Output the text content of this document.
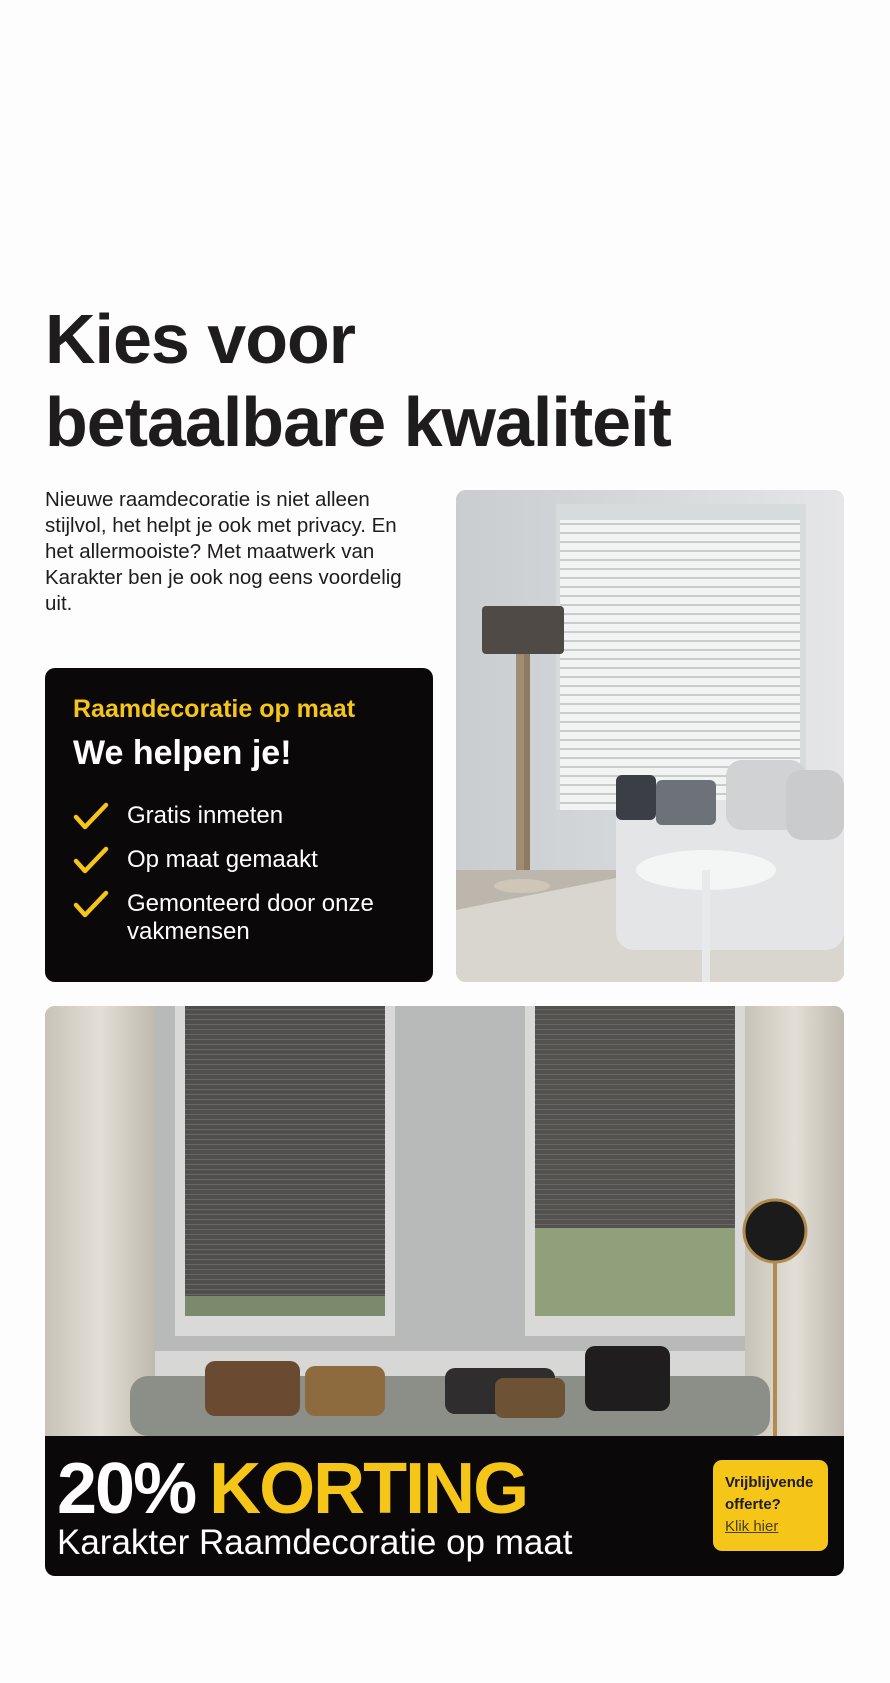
Kies voor
betaalbare kwaliteit

Nieuwe raamdecoratie is niet alleen stijlvol, het helpt je ook met privacy. En het allermooiste? Met maatwerk van Karakter ben je ook nog eens voordelig uit.

Raamdecoratie op maat
We helpen je!
Gratis inmeten
Op maat gemaakt
Gemonteerd door onze vakmensen
20% KORTING
Karakter Raamdecoratie op maat
Vrijblijvende
offerte?
Klik hier
